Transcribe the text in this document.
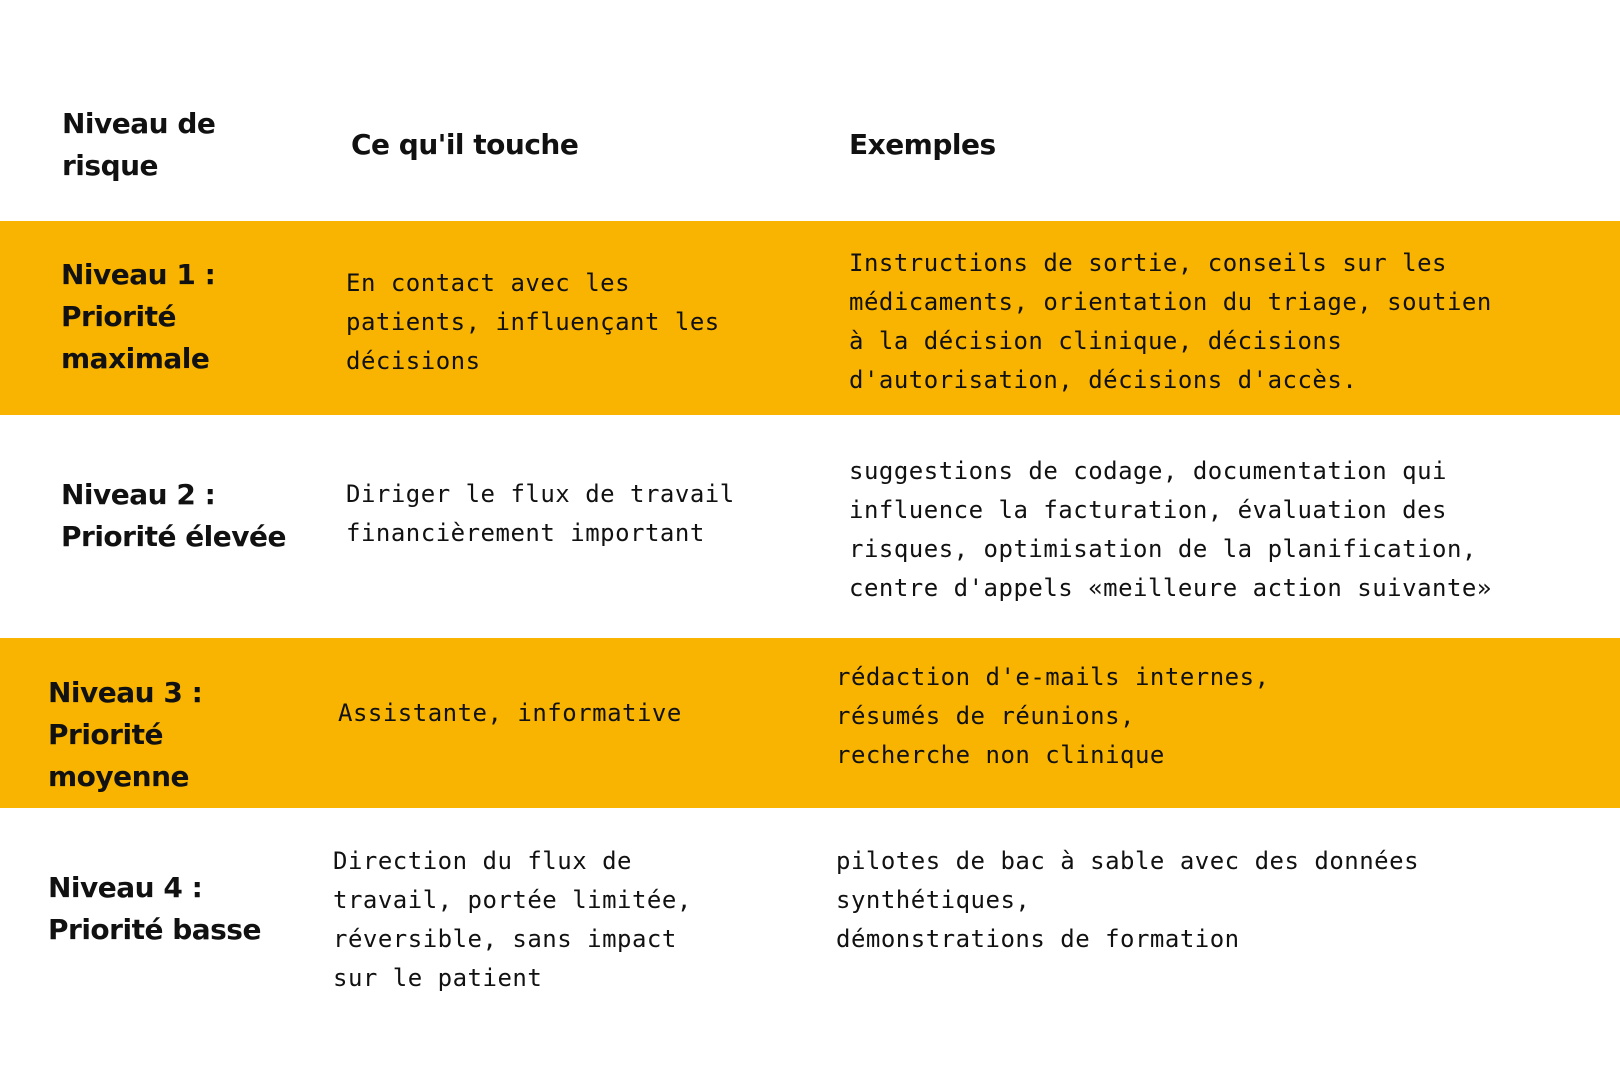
Niveau de
risque
Ce qu'il touche	Exemples
Niveau 1 :
Priorité
maximale
En contact avec les
patients, influençant les
décisions
Instructions de sortie, conseils sur les
médicaments, orientation du triage, soutien
à la décision clinique, décisions
d'autorisation, décisions d'accès.
Niveau 2 :
Priorité élevée
Diriger le flux de travail
financièrement important
suggestions de codage, documentation qui
influence la facturation, évaluation des
risques, optimisation de la planification,
centre d'appels «meilleure action suivante»
Niveau 3 :
Priorité
moyenne
Assistante, informative
rédaction d'e-mails internes,
résumés de réunions,
recherche non clinique
Niveau 4 :
Priorité basse
Direction du flux de
travail, portée limitée,
réversible, sans impact
sur le patient
pilotes de bac à sable avec des données
synthétiques,
démonstrations de formation
